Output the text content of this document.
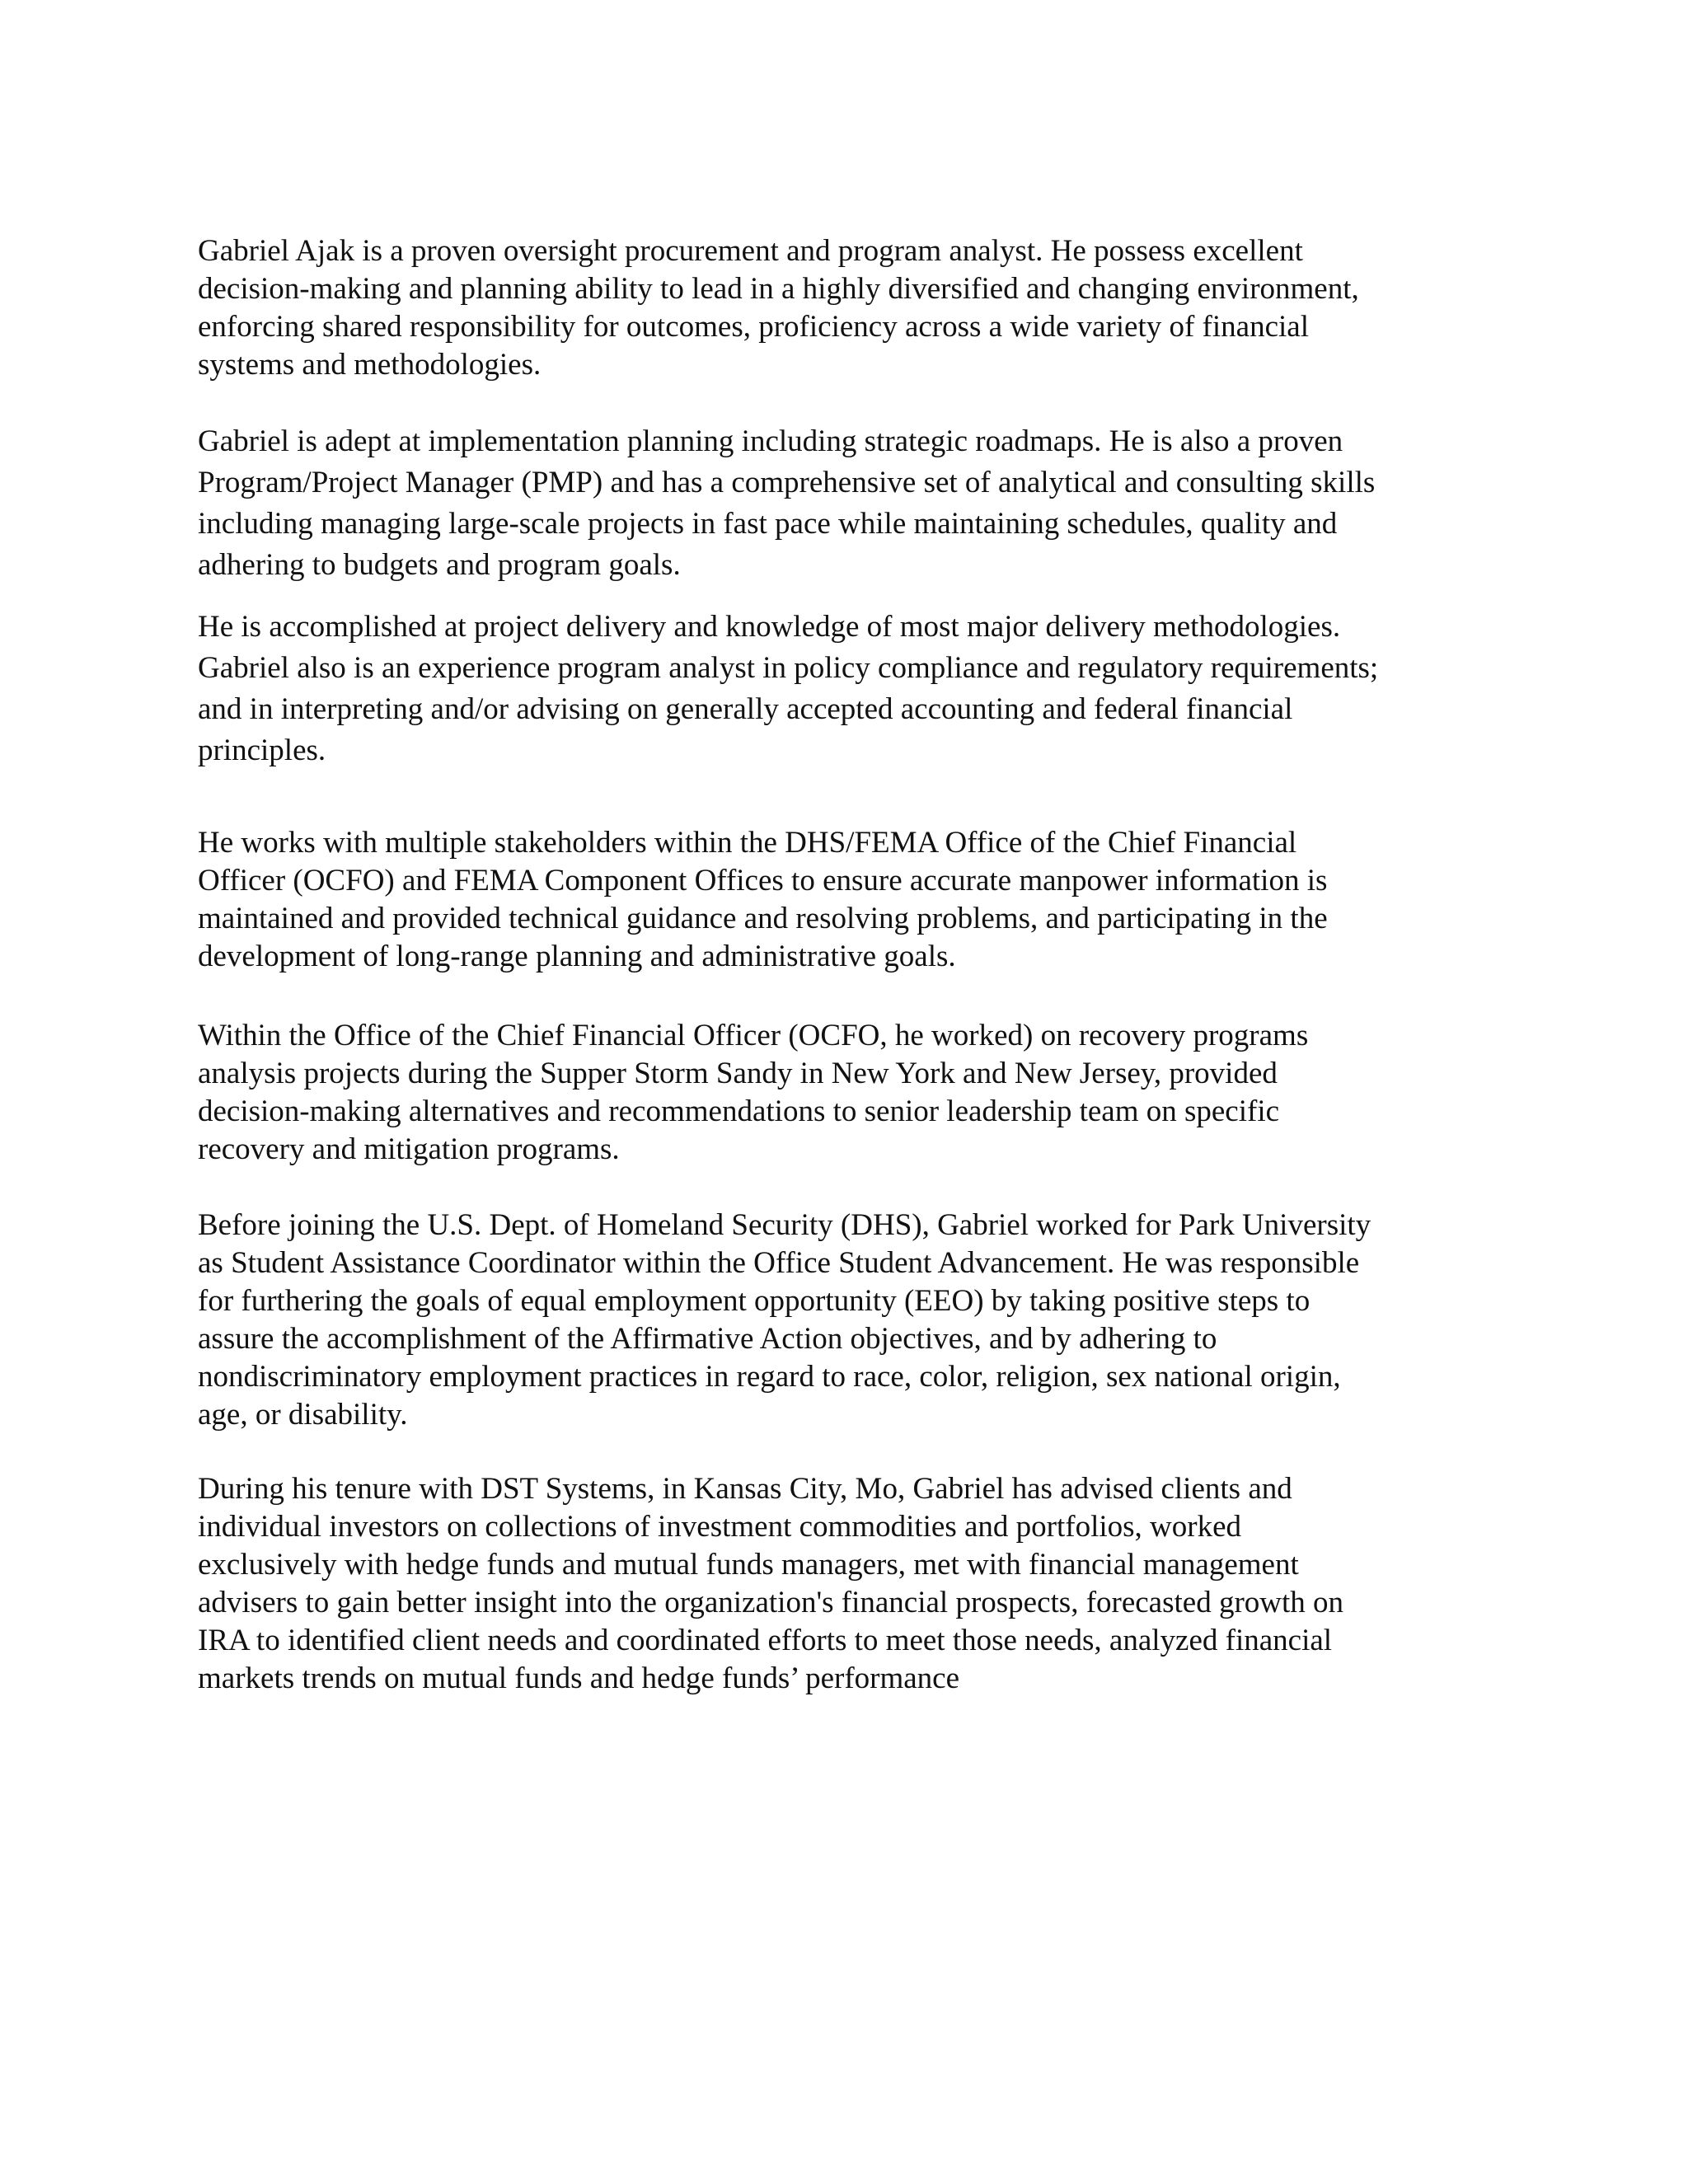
Gabriel Ajak is a proven oversight procurement and program analyst. He possess excellent
decision-making and planning ability to lead in a highly diversified and changing environment,
enforcing shared responsibility for outcomes, proficiency across a wide variety of financial
systems and methodologies.
Gabriel is adept at implementation planning including strategic roadmaps. He is also a proven
Program/Project Manager (PMP) and has a comprehensive set of analytical and consulting skills
including managing large-scale projects in fast pace while maintaining schedules, quality and
adhering to budgets and program goals.
He is accomplished at project delivery and knowledge of most major delivery methodologies.
Gabriel also is an experience program analyst in policy compliance and regulatory requirements;
and in interpreting and/or advising on generally accepted accounting and federal financial
principles.
He works with multiple stakeholders within the DHS/FEMA Office of the Chief Financial
Officer (OCFO) and FEMA Component Offices to ensure accurate manpower information is
maintained and provided technical guidance and resolving problems, and participating in the
development of long-range planning and administrative goals.
Within the Office of the Chief Financial Officer (OCFO, he worked) on recovery programs
analysis projects during the Supper Storm Sandy in New York and New Jersey, provided
decision-making alternatives and recommendations to senior leadership team on specific
recovery and mitigation programs.
Before joining the U.S. Dept. of Homeland Security (DHS), Gabriel worked for Park University
as Student Assistance Coordinator within the Office Student Advancement. He was responsible
for furthering the goals of equal employment opportunity (EEO) by taking positive steps to
assure the accomplishment of the Affirmative Action objectives, and by adhering to
nondiscriminatory employment practices in regard to race, color, religion, sex national origin,
age, or disability.
During his tenure with DST Systems, in Kansas City, Mo, Gabriel has advised clients and
individual investors on collections of investment commodities and portfolios, worked
exclusively with hedge funds and mutual funds managers, met with financial management
advisers to gain better insight into the organization's financial prospects, forecasted growth on
IRA to identified client needs and coordinated efforts to meet those needs, analyzed financial
markets trends on mutual funds and hedge funds’ performance
